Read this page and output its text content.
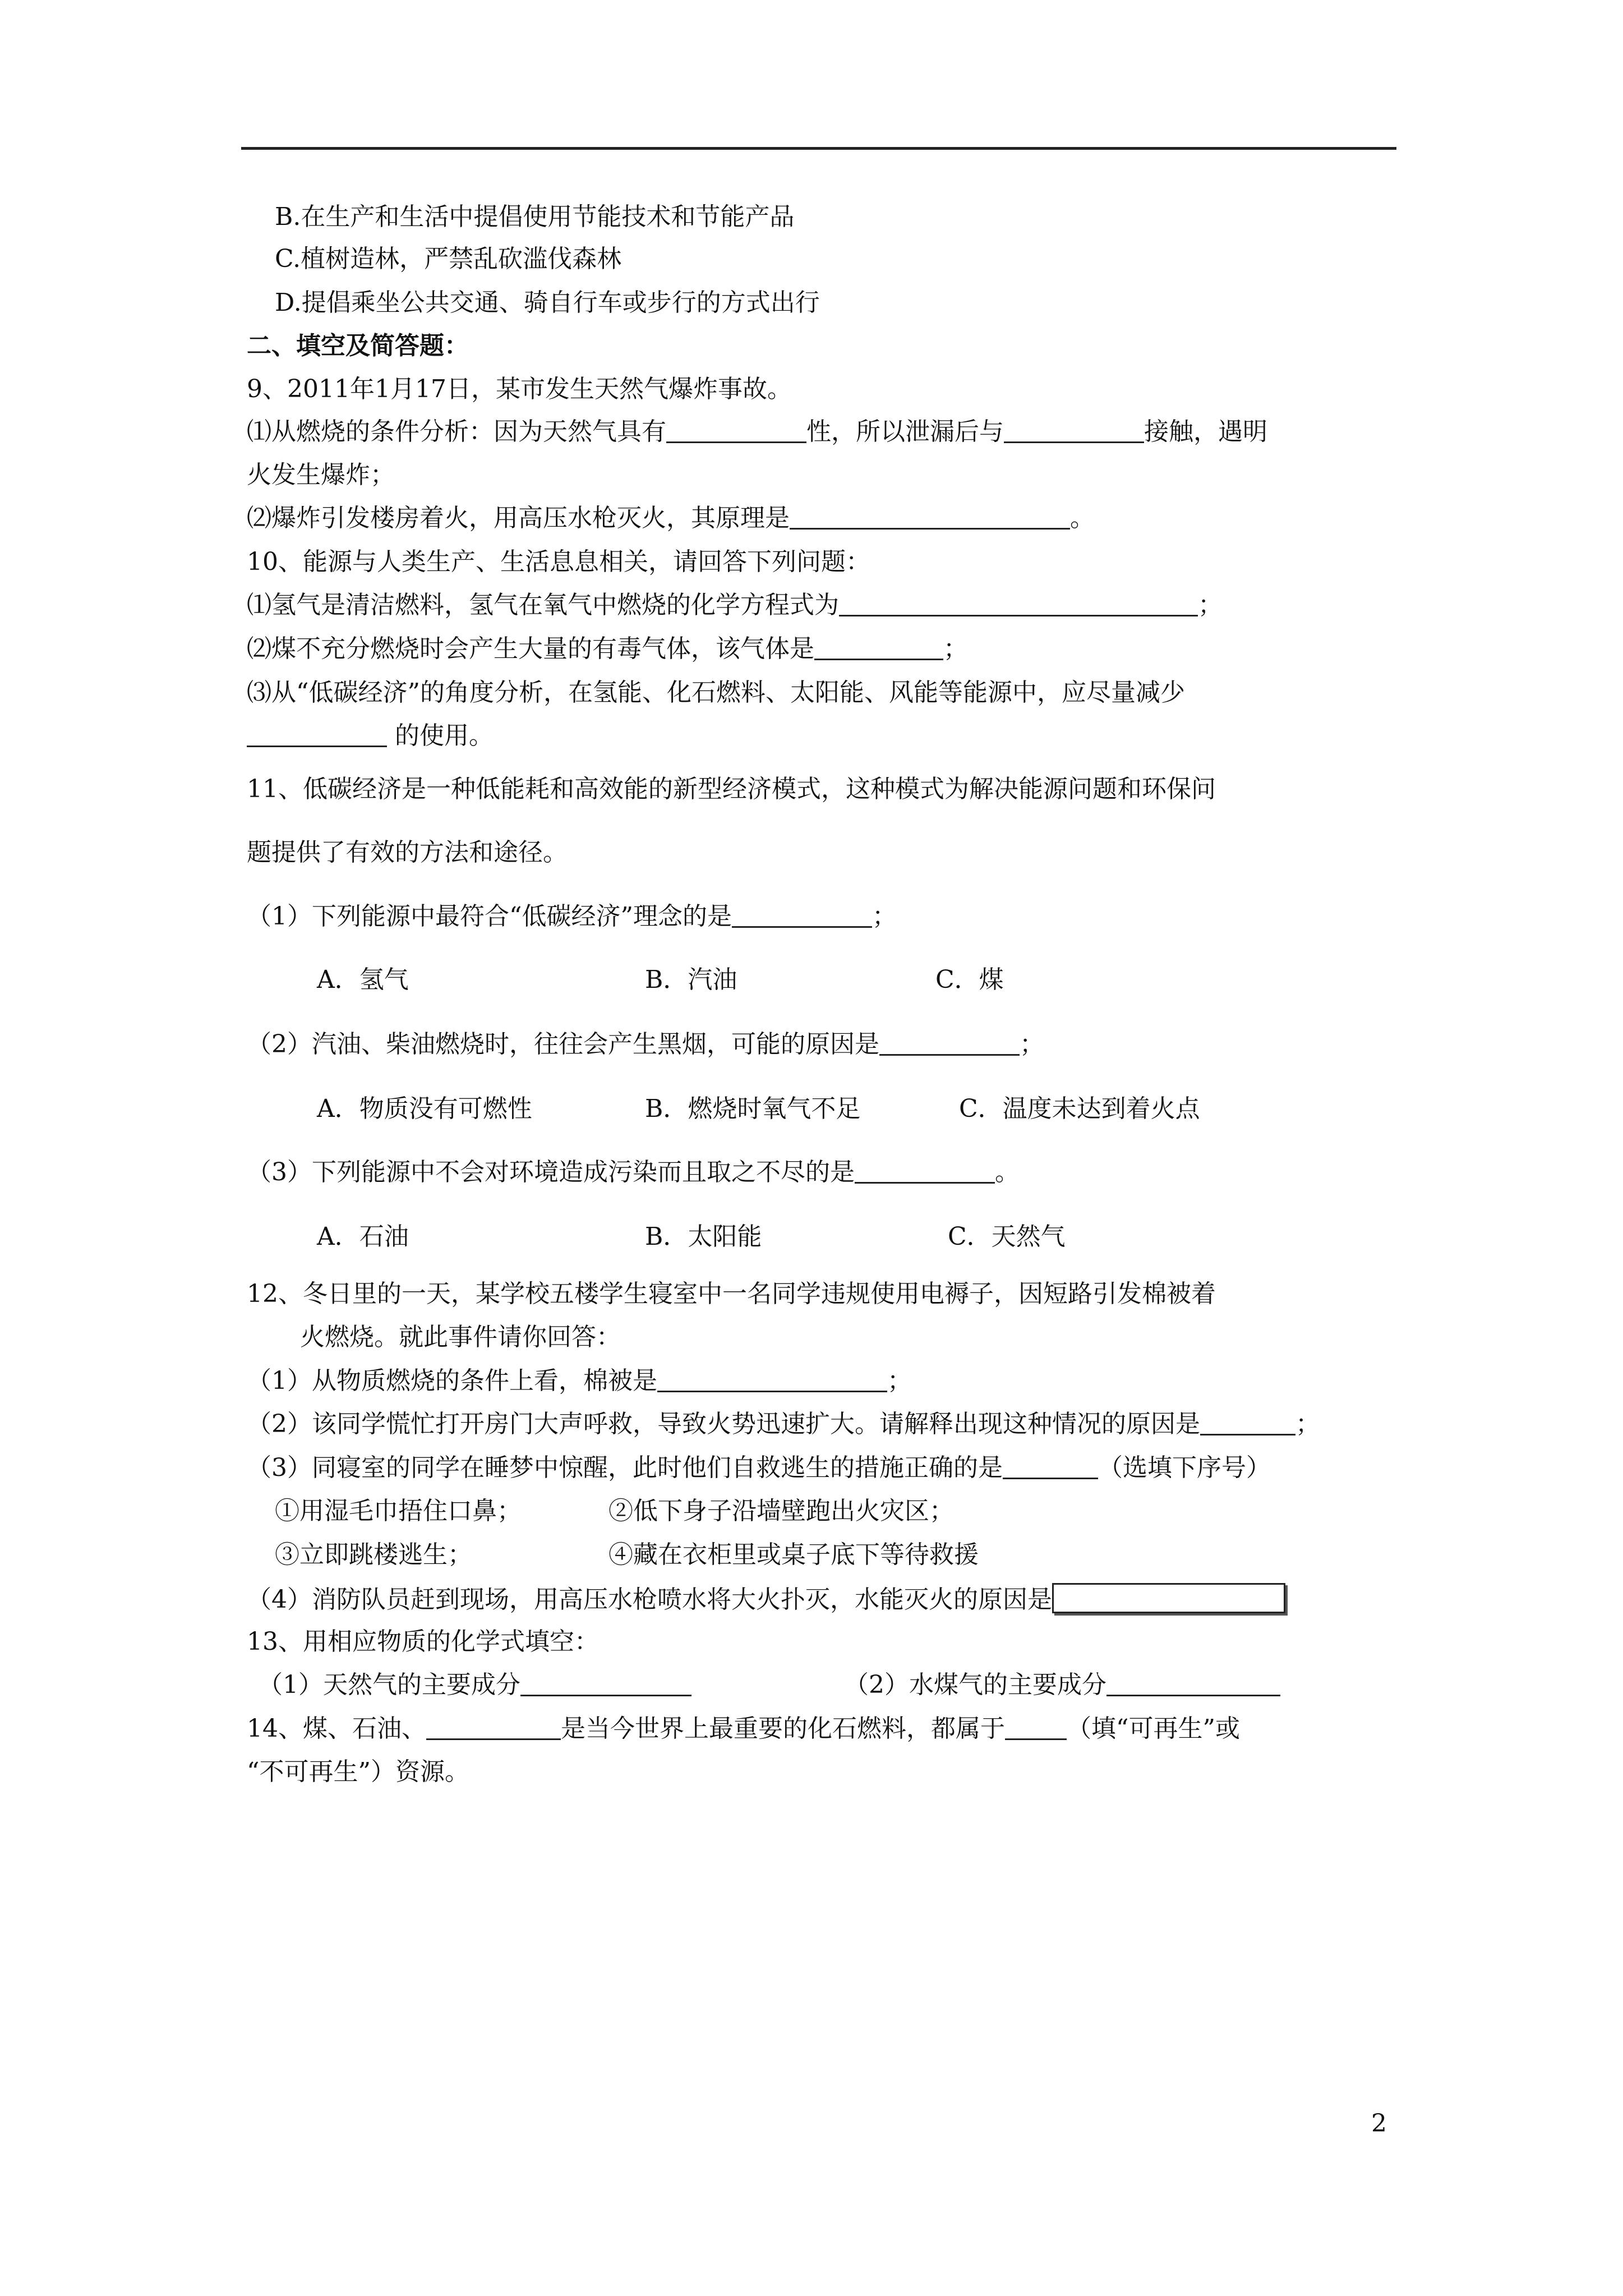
B.在生产和生活中提倡使用节能技术和节能产品
C.植树造林，严禁乱砍滥伐森林
D.提倡乘坐公共交通、骑自行车或步行的方式出行
二、填空及简答题：
9、2011年1月17日，某市发生天然气爆炸事故。
⑴从燃烧的条件分析：因为天然气具有	性，所以泄漏后与	接触，遇明
火发生爆炸；
⑵爆炸引发楼房着火，用高压水枪灭火，其原理是	。
10、能源与人类生产、生活息息相关，请回答下列问题：
⑴氢气是清洁燃料，氢气在氧气中燃烧的化学方程式为	；
⑵煤不充分燃烧时会产生大量的有毒气体，该气体是	；
⑶从“低碳经济”的角度分析，在氢能、化石燃料、太阳能、风能等能源中，应尽量减少
的使用。
11、低碳经济是一种低能耗和高效能的新型经济模式，这种模式为解决能源问题和环保问
题提供了有效的方法和途径。
（1）下列能源中最符合“低碳经济”理念的是	；
A．氢气	B．汽油	C．煤
（2）汽油、柴油燃烧时，往往会产生黑烟，可能的原因是	；
A．物质没有可燃性	B．燃烧时氧气不足	C．温度未达到着火点
（3）下列能源中不会对环境造成污染而且取之不尽的是	。
A．石油	B．太阳能	C．天然气
12、冬日里的一天，某学校五楼学生寝室中一名同学违规使用电褥子，因短路引发棉被着
火燃烧。就此事件请你回答：
（1）从物质燃烧的条件上看，棉被是	；
（2）该同学慌忙打开房门大声呼救，导致火势迅速扩大。请解释出现这种情况的原因是	；
（3）同寝室的同学在睡梦中惊醒，此时他们自救逃生的措施正确的是	（选填下序号）
①用湿毛巾捂住口鼻；	②低下身子沿墙壁跑出火灾区；
③立即跳楼逃生；	④藏在衣柜里或桌子底下等待救援
（4）消防队员赶到现场，用高压水枪喷水将大火扑灭，水能灭火的原因是
13、用相应物质的化学式填空：
（1）天然气的主要成分	（2）水煤气的主要成分
14、煤、石油、	是当今世界上最重要的化石燃料，都属于	（填“可再生”或
“不可再生”）资源。
2
